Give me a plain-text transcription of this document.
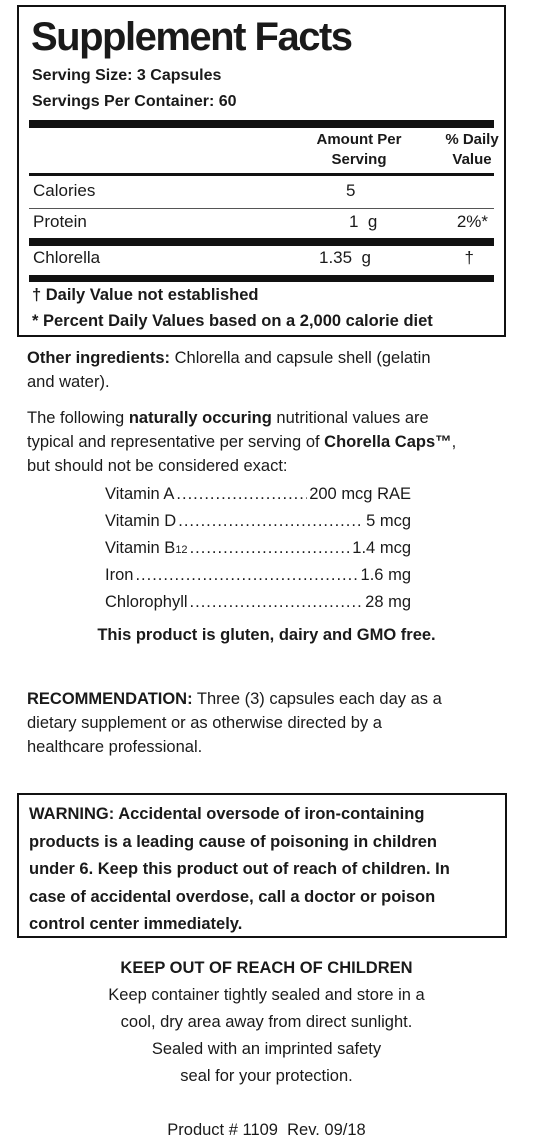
Supplement Facts
Serving Size: 3 Capsules
Servings Per Container: 60
Amount Per
Serving
% Daily
Value
Calories	5
Protein	1  g	2%*
Chlorella	1.35  g	†
† Daily Value not established
* Percent Daily Values based on a 2,000 calorie diet
Other ingredients: Chlorella and capsule shell (gelatin
and water).
The following naturally occuring nutritional values are
typical and representative per serving of Chorella Caps™,
but should not be considered exact:
Vitamin A .....	200 mcg RAE
Vitamin D .....	5 mcg
Vitamin B12 .....	1.4 mcg
Iron .....	1.6 mg
Chlorophyll .....	28 mg
This product is gluten, dairy and GMO free.
RECOMMENDATION: Three (3) capsules each day as a
dietary supplement or as otherwise directed by a
healthcare professional.
WARNING: Accidental oversode of iron-containing
products is a leading cause of poisoning in children
under 6. Keep this product out of reach of children. In
case of accidental overdose, call a doctor or poison
control center immediately.
KEEP OUT OF REACH OF CHILDREN
Keep container tightly sealed and store in a
cool, dry area away from direct sunlight.
Sealed with an imprinted safety
seal for your protection.
Product # 1109  Rev. 09/18
